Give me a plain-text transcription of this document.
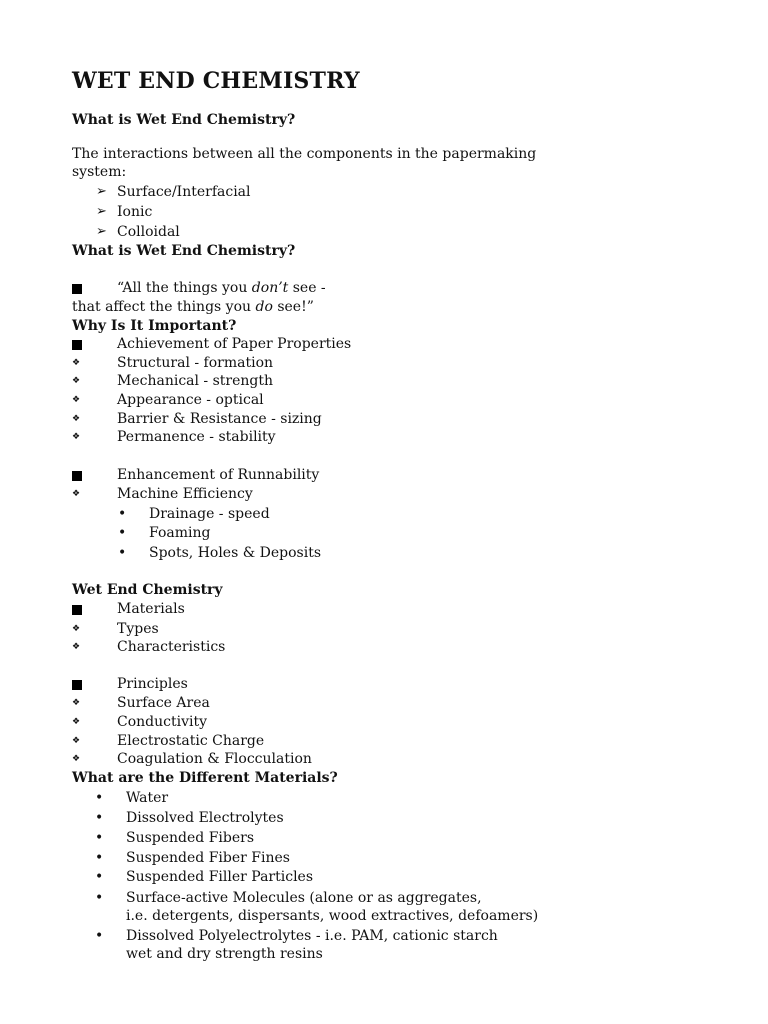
WET END CHEMISTRY
What is Wet End Chemistry?
The interactions between all the components in the papermaking
system:
➢ Surface/Interfacial
➢ Ionic
➢ Colloidal
What is Wet End Chemistry?
“All the things you don’t see -
that affect the things you do see!”
Why Is It Important?
Achievement of Paper Properties
❖	Structural - formation
❖	Mechanical - strength
❖	Appearance - optical
❖	Barrier & Resistance - sizing
❖	Permanence - stability
Enhancement of Runnability
❖	Machine Efficiency
• Drainage - speed
• Foaming
• Spots, Holes & Deposits
Wet End Chemistry
Materials
❖	Types
❖	Characteristics
Principles
❖	Surface Area
❖	Conductivity
❖	Electrostatic Charge
❖	Coagulation & Flocculation
What are the Different Materials?
• Water
• Dissolved Electrolytes
• Suspended Fibers
• Suspended Fiber Fines
• Suspended Filler Particles
• Surface-active Molecules (alone or as aggregates,
i.e. detergents, dispersants, wood extractives, defoamers)
• Dissolved Polyelectrolytes - i.e. PAM, cationic starch
wet and dry strength resins
